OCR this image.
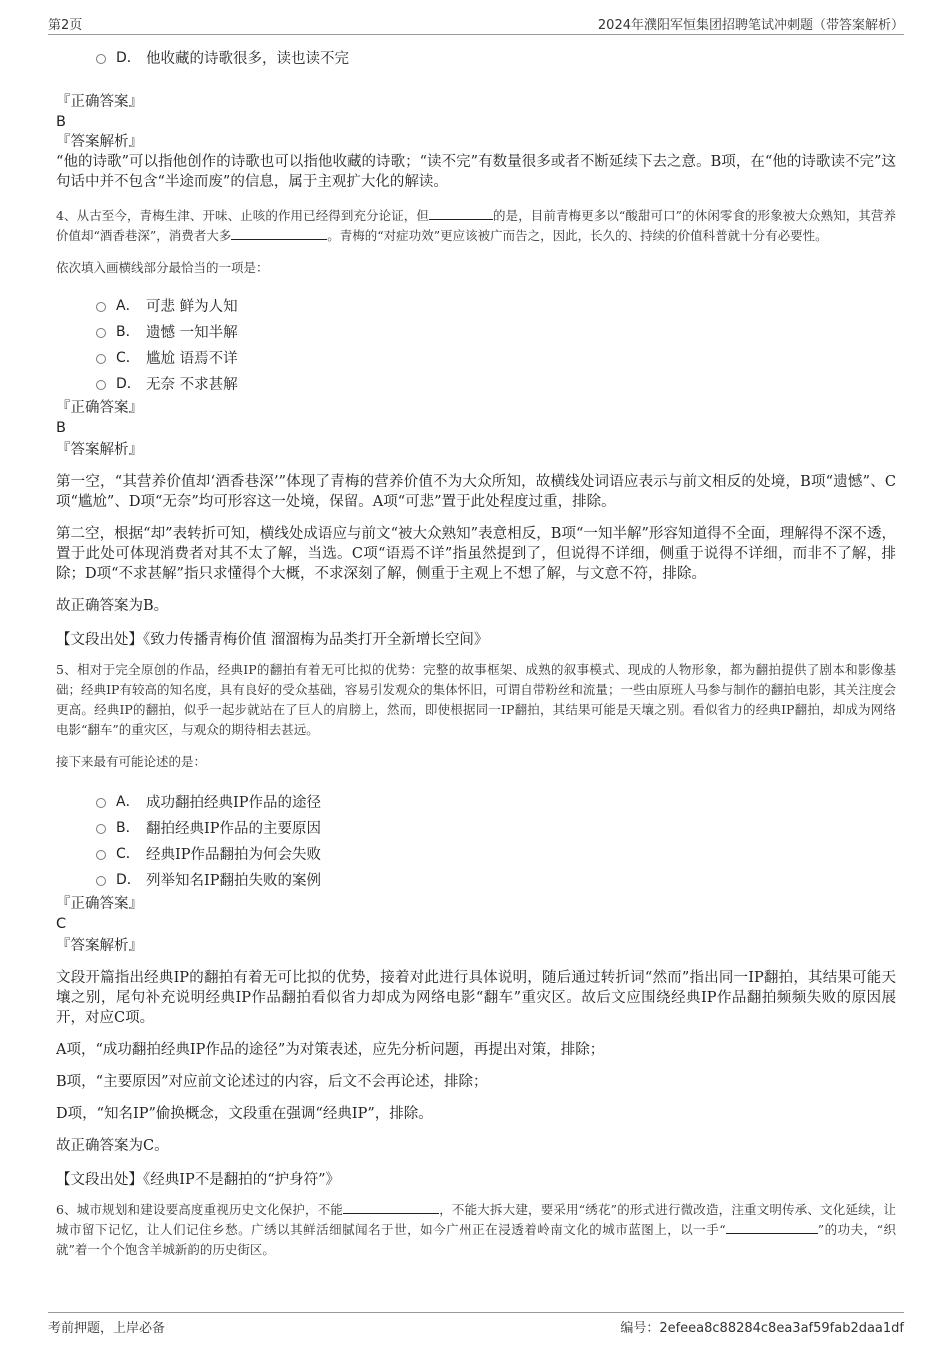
第2页	2024年濮阳军恒集团招聘笔试冲刺题（带答案解析）
D． 他收藏的诗歌很多，读也读不完
『正确答案』
B
『答案解析』
“他的诗歌”可以指他创作的诗歌也可以指他收藏的诗歌；“读不完”有数量很多或者不断延续下去之意。B项，在“他的诗歌读不完”这句话中并不包含“半途而废”的信息，属于主观扩大化的解读。
4、从古至今，青梅生津、开味、止咳的作用已经得到充分论证，但	的是，目前青梅更多以“酸甜可口”的休闲零食的形象被大众熟知，其营养价值却“酒香巷深”，消费者大多	。青梅的“对症功效”更应该被广而告之，因此，长久的、持续的价值科普就十分有必要性。
依次填入画横线部分最恰当的一项是：
A． 可悲 鲜为人知
B． 遗憾 一知半解
C． 尴尬 语焉不详
D． 无奈 不求甚解
『正确答案』
B
『答案解析』
第一空，“其营养价值却‘酒香巷深’”体现了青梅的营养价值不为大众所知，故横线处词语应表示与前文相反的处境，B项“遗憾”、C项“尴尬”、D项“无奈”均可形容这一处境，保留。A项“可悲”置于此处程度过重，排除。
第二空，根据“却”表转折可知，横线处成语应与前文“被大众熟知”表意相反，B项“一知半解”形容知道得不全面，理解得不深不透，置于此处可体现消费者对其不太了解，当选。C项“语焉不详”指虽然提到了，但说得不详细，侧重于说得不详细，而非不了解，排除；D项“不求甚解”指只求懂得个大概，不求深刻了解，侧重于主观上不想了解，与文意不符，排除。
故正确答案为B。
【文段出处】《致力传播青梅价值 溜溜梅为品类打开全新增长空间》
5、相对于完全原创的作品，经典IP的翻拍有着无可比拟的优势：完整的故事框架、成熟的叙事模式、现成的人物形象，都为翻拍提供了剧本和影像基础；经典IP有较高的知名度，具有良好的受众基础，容易引发观众的集体怀旧，可谓自带粉丝和流量；一些由原班人马参与制作的翻拍电影，其关注度会更高。经典IP的翻拍，似乎一起步就站在了巨人的肩膀上，然而，即使根据同一IP翻拍，其结果可能是天壤之别。看似省力的经典IP翻拍，却成为网络电影“翻车”的重灾区，与观众的期待相去甚远。
接下来最有可能论述的是：
A． 成功翻拍经典IP作品的途径
B． 翻拍经典IP作品的主要原因
C． 经典IP作品翻拍为何会失败
D． 列举知名IP翻拍失败的案例
『正确答案』
C
『答案解析』
文段开篇指出经典IP的翻拍有着无可比拟的优势，接着对此进行具体说明，随后通过转折词“然而”指出同一IP翻拍，其结果可能天壤之别，尾句补充说明经典IP作品翻拍看似省力却成为网络电影“翻车”重灾区。故后文应围绕经典IP作品翻拍频频失败的原因展开，对应C项。
A项，“成功翻拍经典IP作品的途径”为对策表述，应先分析问题，再提出对策，排除；
B项，“主要原因”对应前文论述过的内容，后文不会再论述，排除；
D项，“知名IP”偷换概念，文段重在强调“经典IP”，排除。
故正确答案为C。
【文段出处】《经典IP不是翻拍的“护身符”》
6、城市规划和建设要高度重视历史文化保护，不能	，不能大拆大建，要采用“绣花”的形式进行微改造，注重文明传承、文化延续，让城市留下记忆，让人们记住乡愁。广绣以其鲜活细腻闻名于世，如今广州正在浸透着岭南文化的城市蓝图上，以一手“	”的功夫，“织就”着一个个饱含羊城新韵的历史街区。
考前押题，上岸必备	编号：2efeea8c88284c8ea3af59fab2daa1df
